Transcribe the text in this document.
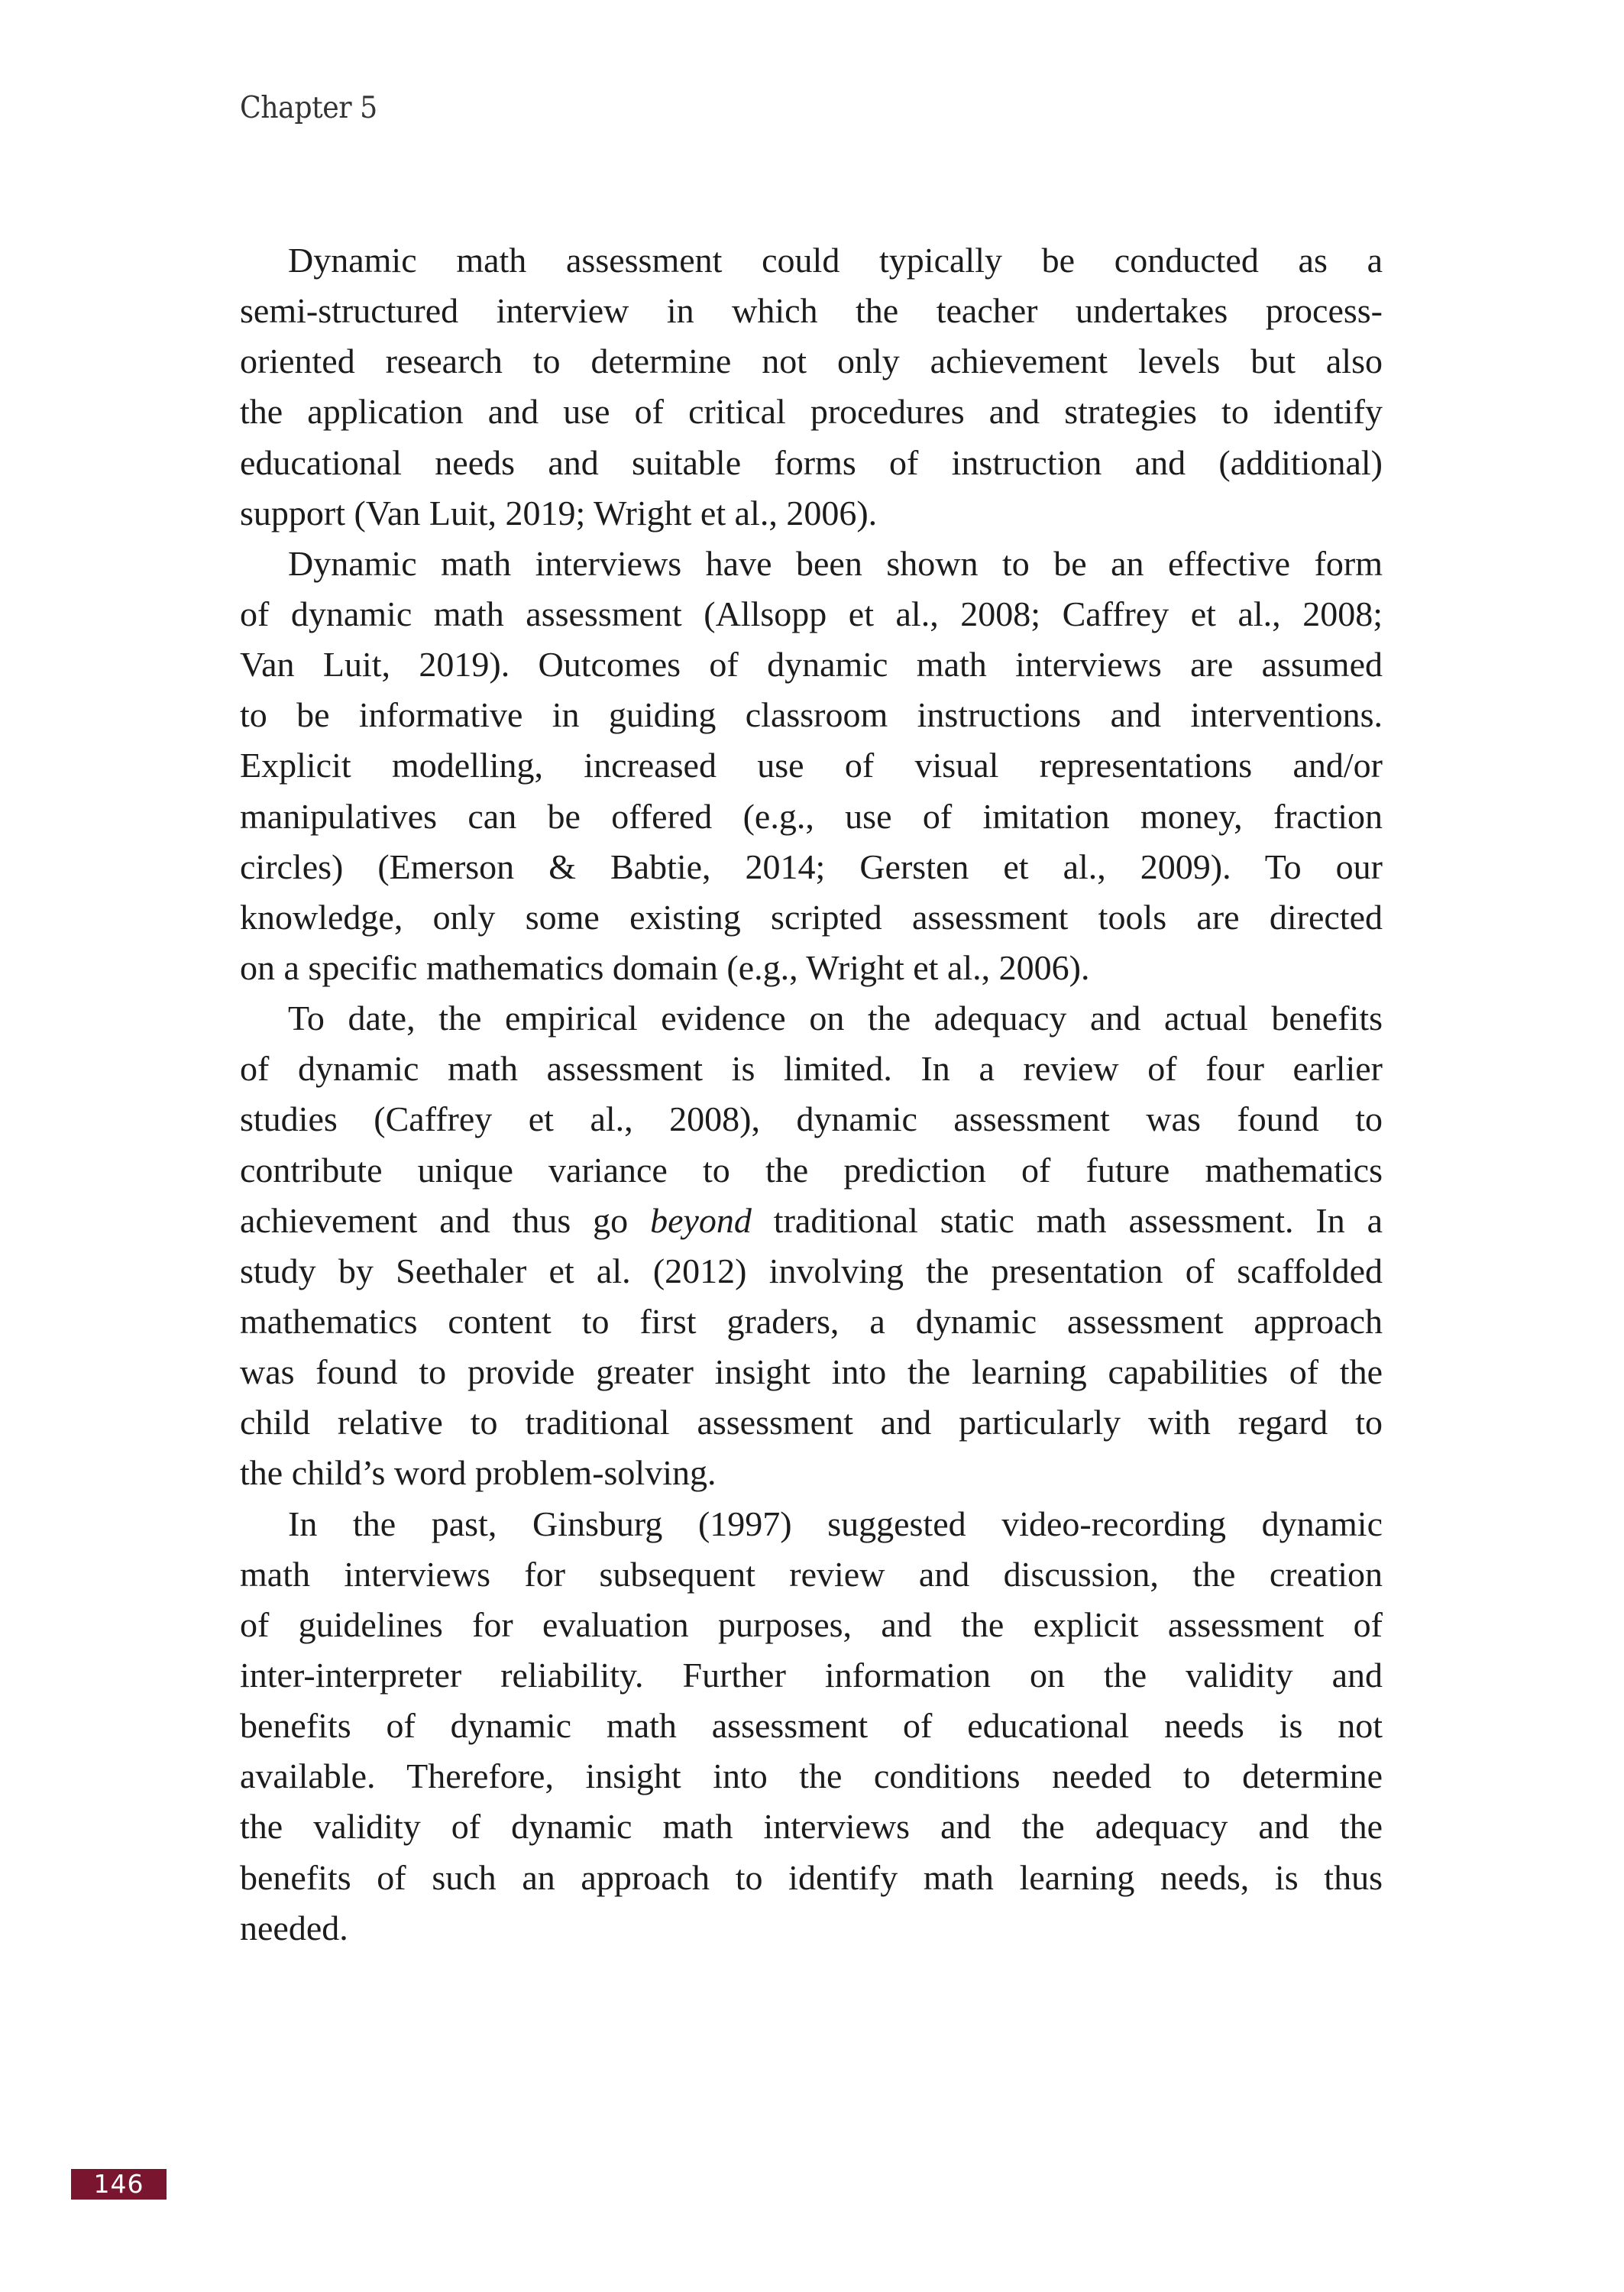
Chapter 5
Dynamic math assessment could typically be conducted as a
semi-structured interview in which the teacher undertakes process-
oriented research to determine not only achievement levels but also
the application and use of critical procedures and strategies to identify
educational needs and suitable forms of instruction and (additional)
support (Van Luit, 2019; Wright et al., 2006).
Dynamic math interviews have been shown to be an effective form
of dynamic math assessment (Allsopp et al., 2008; Caffrey et al., 2008;
Van Luit, 2019). Outcomes of dynamic math interviews are assumed
to be informative in guiding classroom instructions and interventions.
Explicit modelling, increased use of visual representations and/or
manipulatives can be offered (e.g., use of imitation money, fraction
circles) (Emerson & Babtie, 2014; Gersten et al., 2009). To our
knowledge, only some existing scripted assessment tools are directed
on a specific mathematics domain (e.g., Wright et al., 2006).
To date, the empirical evidence on the adequacy and actual benefits
of dynamic math assessment is limited. In a review of four earlier
studies (Caffrey et al., 2008), dynamic assessment was found to
contribute unique variance to the prediction of future mathematics
achievement and thus go beyond traditional static math assessment. In a
study by Seethaler et al. (2012) involving the presentation of scaffolded
mathematics content to first graders, a dynamic assessment approach
was found to provide greater insight into the learning capabilities of the
child relative to traditional assessment and particularly with regard to
the child’s word problem-solving.
In the past, Ginsburg (1997) suggested video-recording dynamic
math interviews for subsequent review and discussion, the creation
of guidelines for evaluation purposes, and the explicit assessment of
inter-interpreter reliability. Further information on the validity and
benefits of dynamic math assessment of educational needs is not
available. Therefore, insight into the conditions needed to determine
the validity of dynamic math interviews and the adequacy and the
benefits of such an approach to identify math learning needs, is thus
needed.
146
